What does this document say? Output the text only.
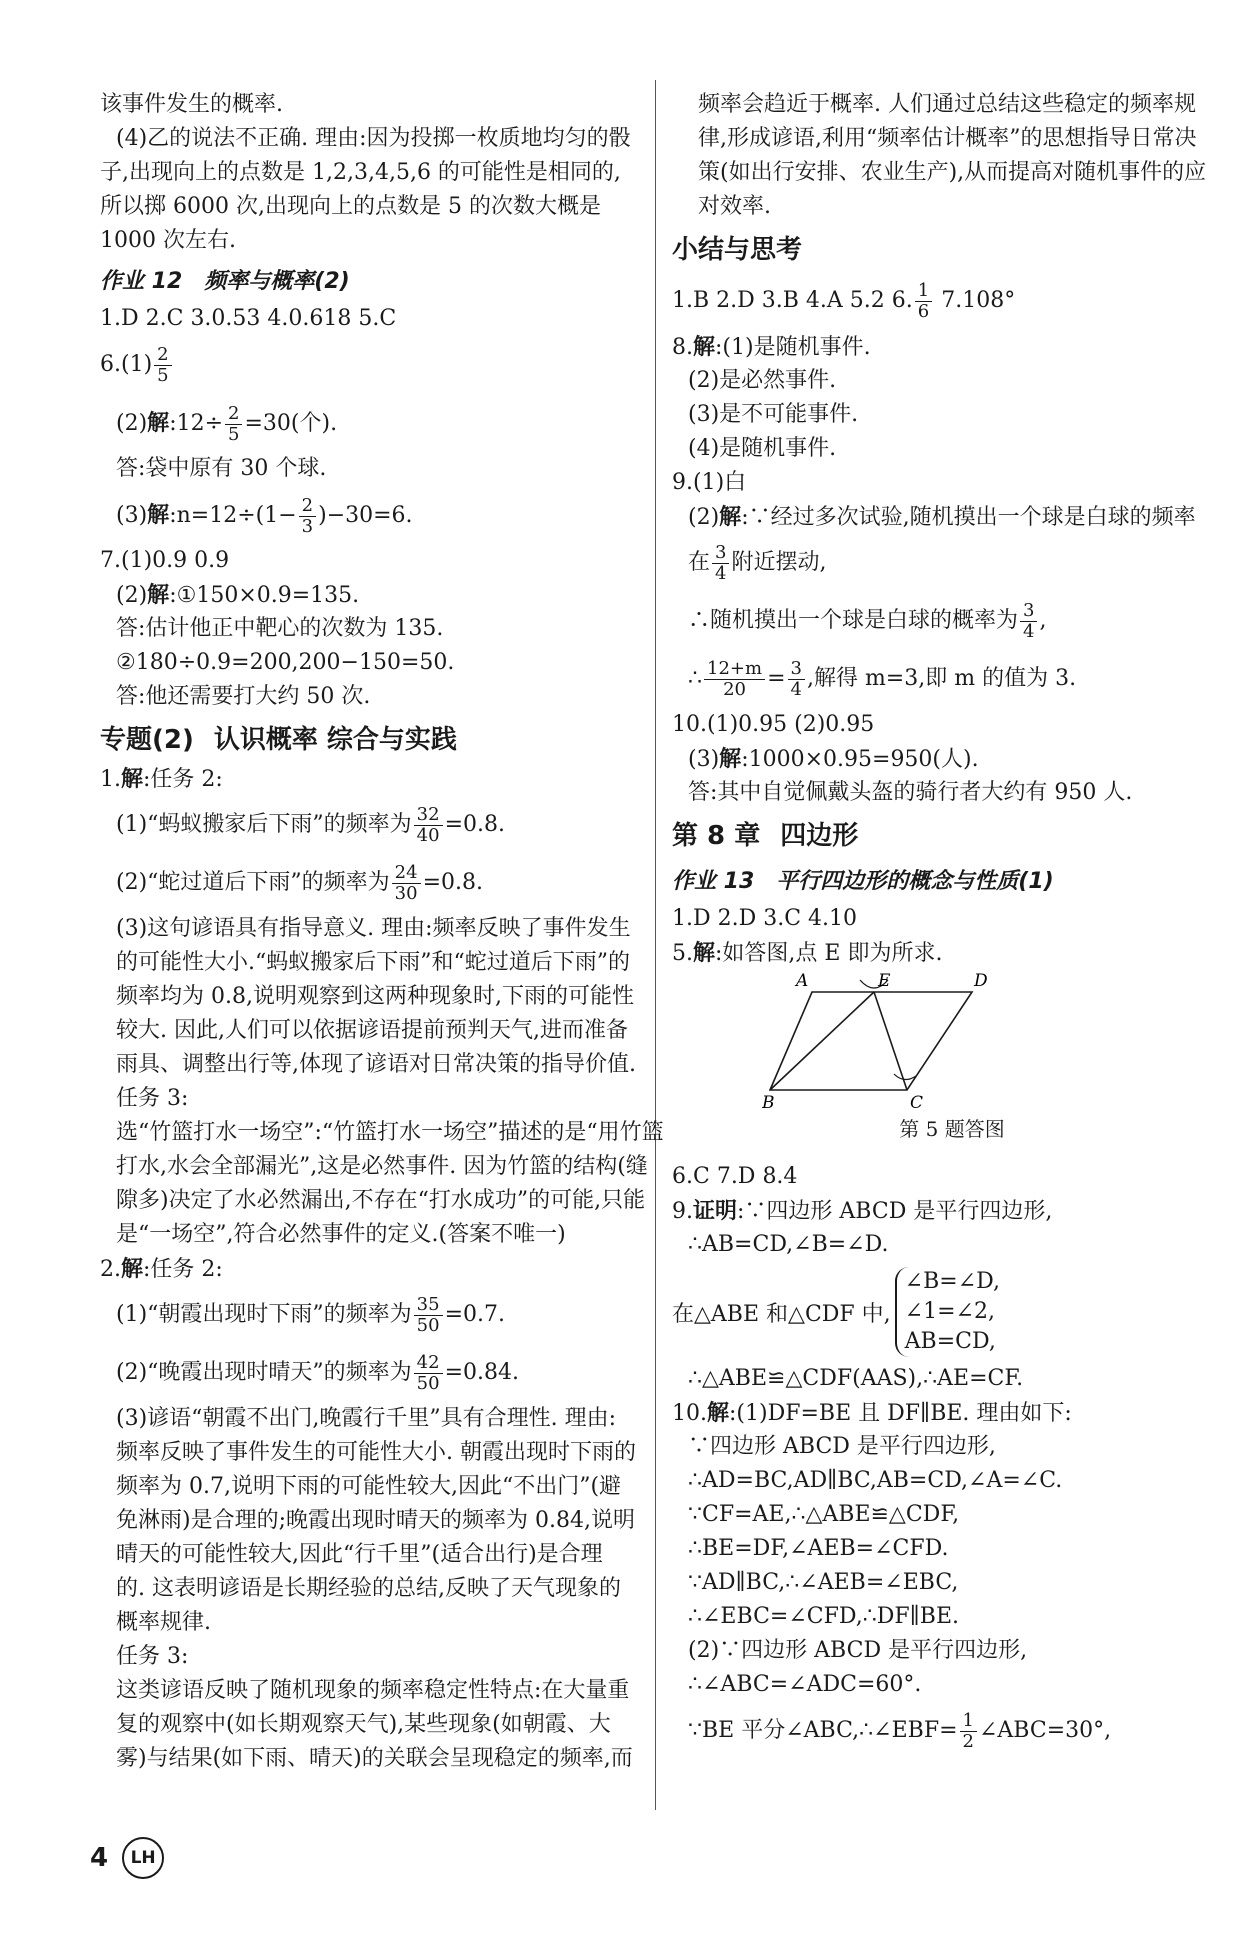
该事件发生的概率.
(4)乙的说法不正确. 理由:因为投掷一枚质地均匀的骰
子,出现向上的点数是 1,2,3,4,5,6 的可能性是相同的,
所以掷 6000 次,出现向上的点数是 5 的次数大概是
1000 次左右.
作业 12 频率与概率(2)
1.D 2.C 3.0.53 4.0.618 5.C
$6.(1) \frac{2}{5}$
(2)解:12÷ $\frac{2}{5} =30$(个).
答:袋中原有 30 个球.
(3)解:n=12÷(1− $\frac{2}{3} )-30=6$.
7.(1)0.9 0.9
(2)解:①150×0.9=135.
答:估计他正中靶心的次数为 135.
②180÷0.9=200,200−150=50.
答:他还需要打大约 50 次.
专题(2) 认识概率 综合与实践
1.解:任务 2:
(1)“蚂蚁搬家后下雨”的频率为 $\frac{32}{40} =0.8$.
(2)“蛇过道后下雨”的频率为 $\frac{24}{30} =0.8$.
(3)这句谚语具有指导意义. 理由:频率反映了事件发生
的可能性大小.“蚂蚁搬家后下雨”和“蛇过道后下雨”的
频率均为 0.8,说明观察到这两种现象时,下雨的可能性
较大. 因此,人们可以依据谚语提前预判天气,进而准备
雨具、调整出行等,体现了谚语对日常决策的指导价值.
任务 3:
选“竹篮打水一场空”:“竹篮打水一场空”描述的是“用竹篮
打水,水会全部漏光”,这是必然事件. 因为竹篮的结构(缝
隙多)决定了水必然漏出,不存在“打水成功”的可能,只能
是“一场空”,符合必然事件的定义.(答案不唯一)
2.解:任务 2:
(1)“朝霞出现时下雨”的频率为 $\frac{35}{50} =0.7$.
(2)“晚霞出现时晴天”的频率为 $\frac{42}{50} =0.84$.
(3)谚语“朝霞不出门,晚霞行千里”具有合理性. 理由:
频率反映了事件发生的可能性大小. 朝霞出现时下雨的
频率为 0.7,说明下雨的可能性较大,因此“不出门”(避
免淋雨)是合理的;晚霞出现时晴天的频率为 0.84,说明
晴天的可能性较大,因此“行千里”(适合出行)是合理
的. 这表明谚语是长期经验的总结,反映了天气现象的
概率规律.
任务 3:
这类谚语反映了随机现象的频率稳定性特点:在大量重
复的观察中(如长期观察天气),某些现象(如朝霞、大
雾)与结果(如下雨、晴天)的关联会呈现稳定的频率,而
频率会趋近于概率. 人们通过总结这些稳定的频率规
律,形成谚语,利用“频率估计概率”的思想指导日常决
策(如出行安排、农业生产),从而提高对随机事件的应
对效率.
小结与思考
1.B 2.D 3.B 4.A 5.2 6. $\frac{1}{6} 7.108^\circ$
8.解:(1)是随机事件.
(2)是必然事件.
(3)是不可能事件.
(4)是随机事件.
9.(1)白
(2)解:∵经过多次试验,随机摸出一个球是白球的频率
在 $\frac{3}{4}$ 附近摆动,
∴随机摸出一个球是白球的概率为 $\frac{3}{4}$ ,
∴ $\frac{12+m}{20} = \frac{3}{4}$ ,解得 m=3,即 m 的值为 3.
10.(1)0.95 (2)0.95
(3)解:1000×0.95=950(人).
答:其中自觉佩戴头盔的骑行者大约有 950 人.
第 8 章 四边形
作业 13 平行四边形的概念与性质(1)
1.D 2.D 3.C 4.10
5.解:如答图,点 E 即为所求.
A	E	D
B	C
第 5 题答图
6.C 7.D 8.4
9.证明:∵四边形 ABCD 是平行四边形,
∴AB=CD,∠B=∠D.
在△ABE 和△CDF 中,
∠B=∠D,
∠1=∠2,
AB=CD,
∴△ABE≌△CDF(AAS),∴AE=CF.
10.解:(1)DF=BE 且 DF∥BE. 理由如下:
∵四边形 ABCD 是平行四边形,
∴AD=BC,AD∥BC,AB=CD,∠A=∠C.
∵CF=AE,∴△ABE≌△CDF,
∴BE=DF,∠AEB=∠CFD.
∵AD∥BC,∴∠AEB=∠EBC,
∴∠EBC=∠CFD,∴DF∥BE.
(2)∵四边形 ABCD 是平行四边形,
∴∠ABC=∠ADC=60°.
∵BE 平分∠ABC,∴∠EBF= $\frac{1}{2}$ ∠ABC=30°,
4	LH
